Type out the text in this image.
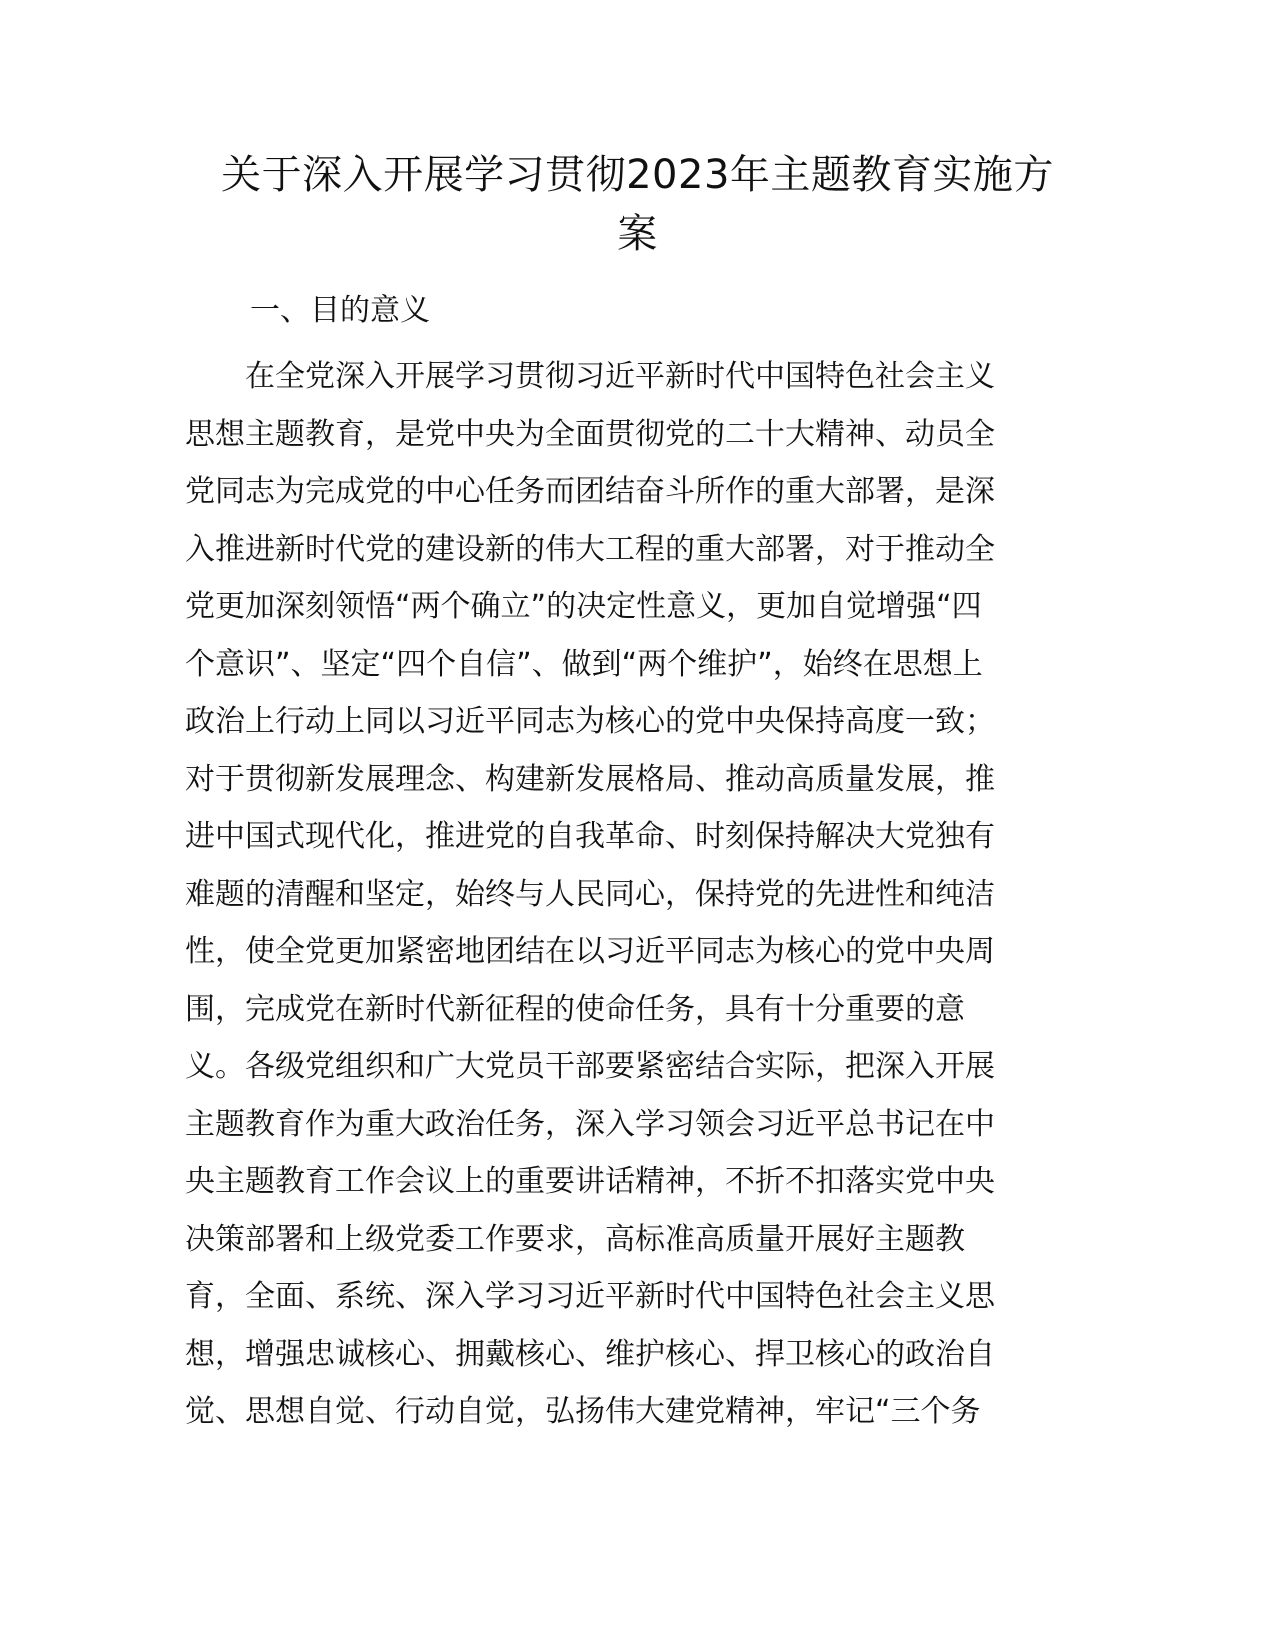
关于深入开展学习贯彻2023年主题教育实施方
案
一、目的意义
　　在全党深入开展学习贯彻习近平新时代中国特色社会主义
思想主题教育，是党中央为全面贯彻党的二十大精神、动员全
党同志为完成党的中心任务而团结奋斗所作的重大部署，是深
入推进新时代党的建设新的伟大工程的重大部署，对于推动全
党更加深刻领悟“两个确立”的决定性意义，更加自觉增强“四
个意识”、坚定“四个自信”、做到“两个维护”，始终在思想上
政治上行动上同以习近平同志为核心的党中央保持高度一致；
对于贯彻新发展理念、构建新发展格局、推动高质量发展，推
进中国式现代化，推进党的自我革命、时刻保持解决大党独有
难题的清醒和坚定，始终与人民同心，保持党的先进性和纯洁
性，使全党更加紧密地团结在以习近平同志为核心的党中央周
围，完成党在新时代新征程的使命任务，具有十分重要的意
义。各级党组织和广大党员干部要紧密结合实际，把深入开展
主题教育作为重大政治任务，深入学习领会习近平总书记在中
央主题教育工作会议上的重要讲话精神，不折不扣落实党中央
决策部署和上级党委工作要求，高标准高质量开展好主题教
育，全面、系统、深入学习习近平新时代中国特色社会主义思
想，增强忠诚核心、拥戴核心、维护核心、捍卫核心的政治自
觉、思想自觉、行动自觉，弘扬伟大建党精神，牢记“三个务
